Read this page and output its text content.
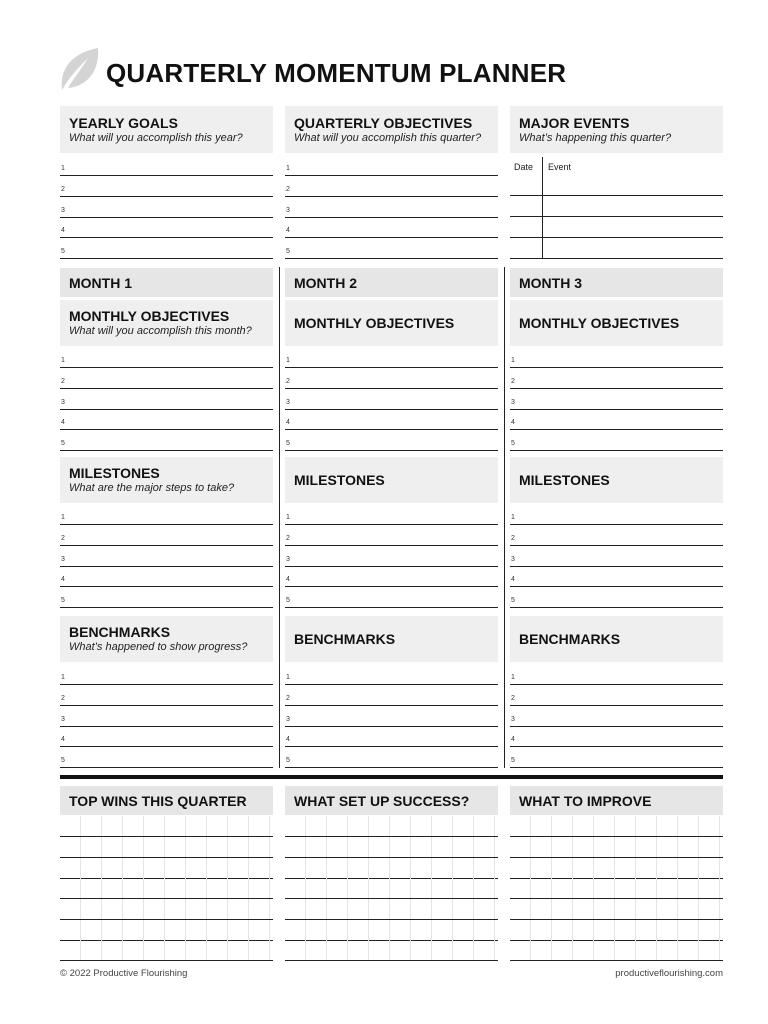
QUARTERLY MOMENTUM PLANNER
YEARLY GOALS
What will you accomplish this year?
QUARTERLY OBJECTIVES
What will you accomplish this quarter?
MAJOR EVENTS
What’s happening this quarter?
1
2
3
4
5
1
2
3
4
5
Date Event
MONTH 1	MONTH 2	MONTH 3
MONTHLY OBJECTIVES
What will you accomplish this month?
MONTHLY OBJECTIVES	MONTHLY OBJECTIVES
1
2
3
4
5
1
2
3
4
5
1
2
3
4
5
MILESTONES
What are the major steps to take?
MILESTONES	MILESTONES
1
2
3
4
5
1
2
3
4
5
1
2
3
4
5
BENCHMARKS
What’s happened to show progress?
BENCHMARKS	BENCHMARKS
1
2
3
4
5
1
2
3
4
5
1
2
3
4
5
TOP WINS THIS QUARTER	WHAT SET UP SUCCESS?	WHAT TO IMPROVE
© 2022 Productive Flourishing	productiveflourishing.com
